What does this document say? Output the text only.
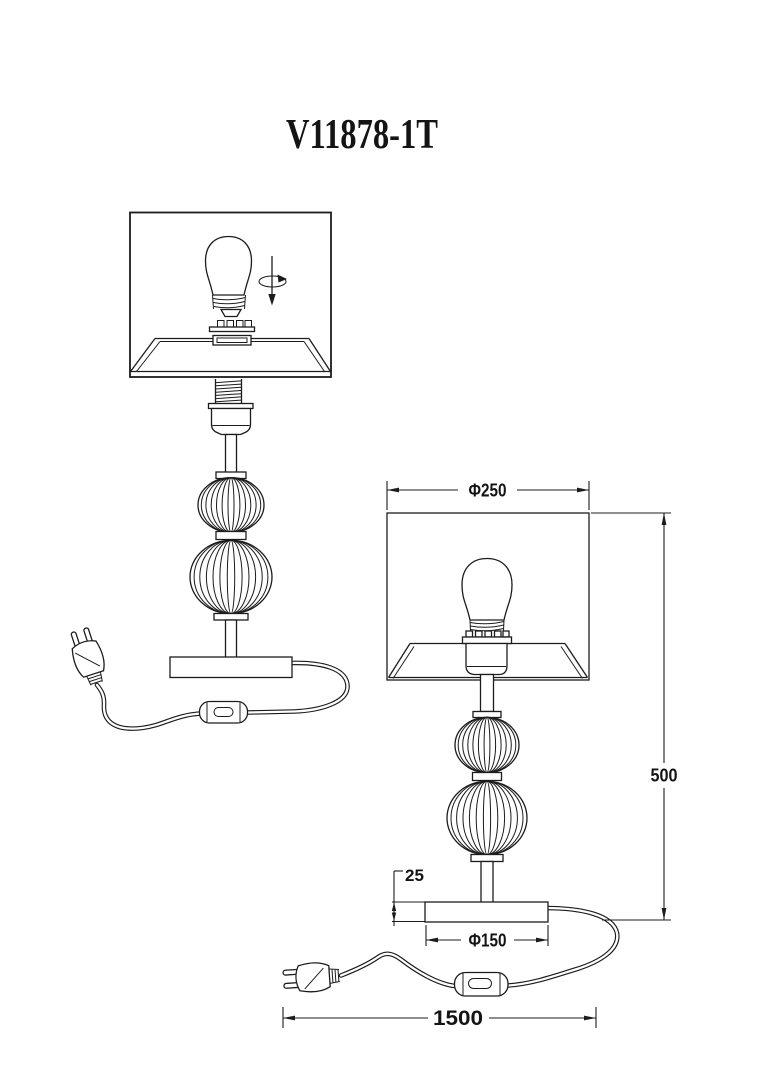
Φ250
500
25
Φ150
1500
V11878-1T
